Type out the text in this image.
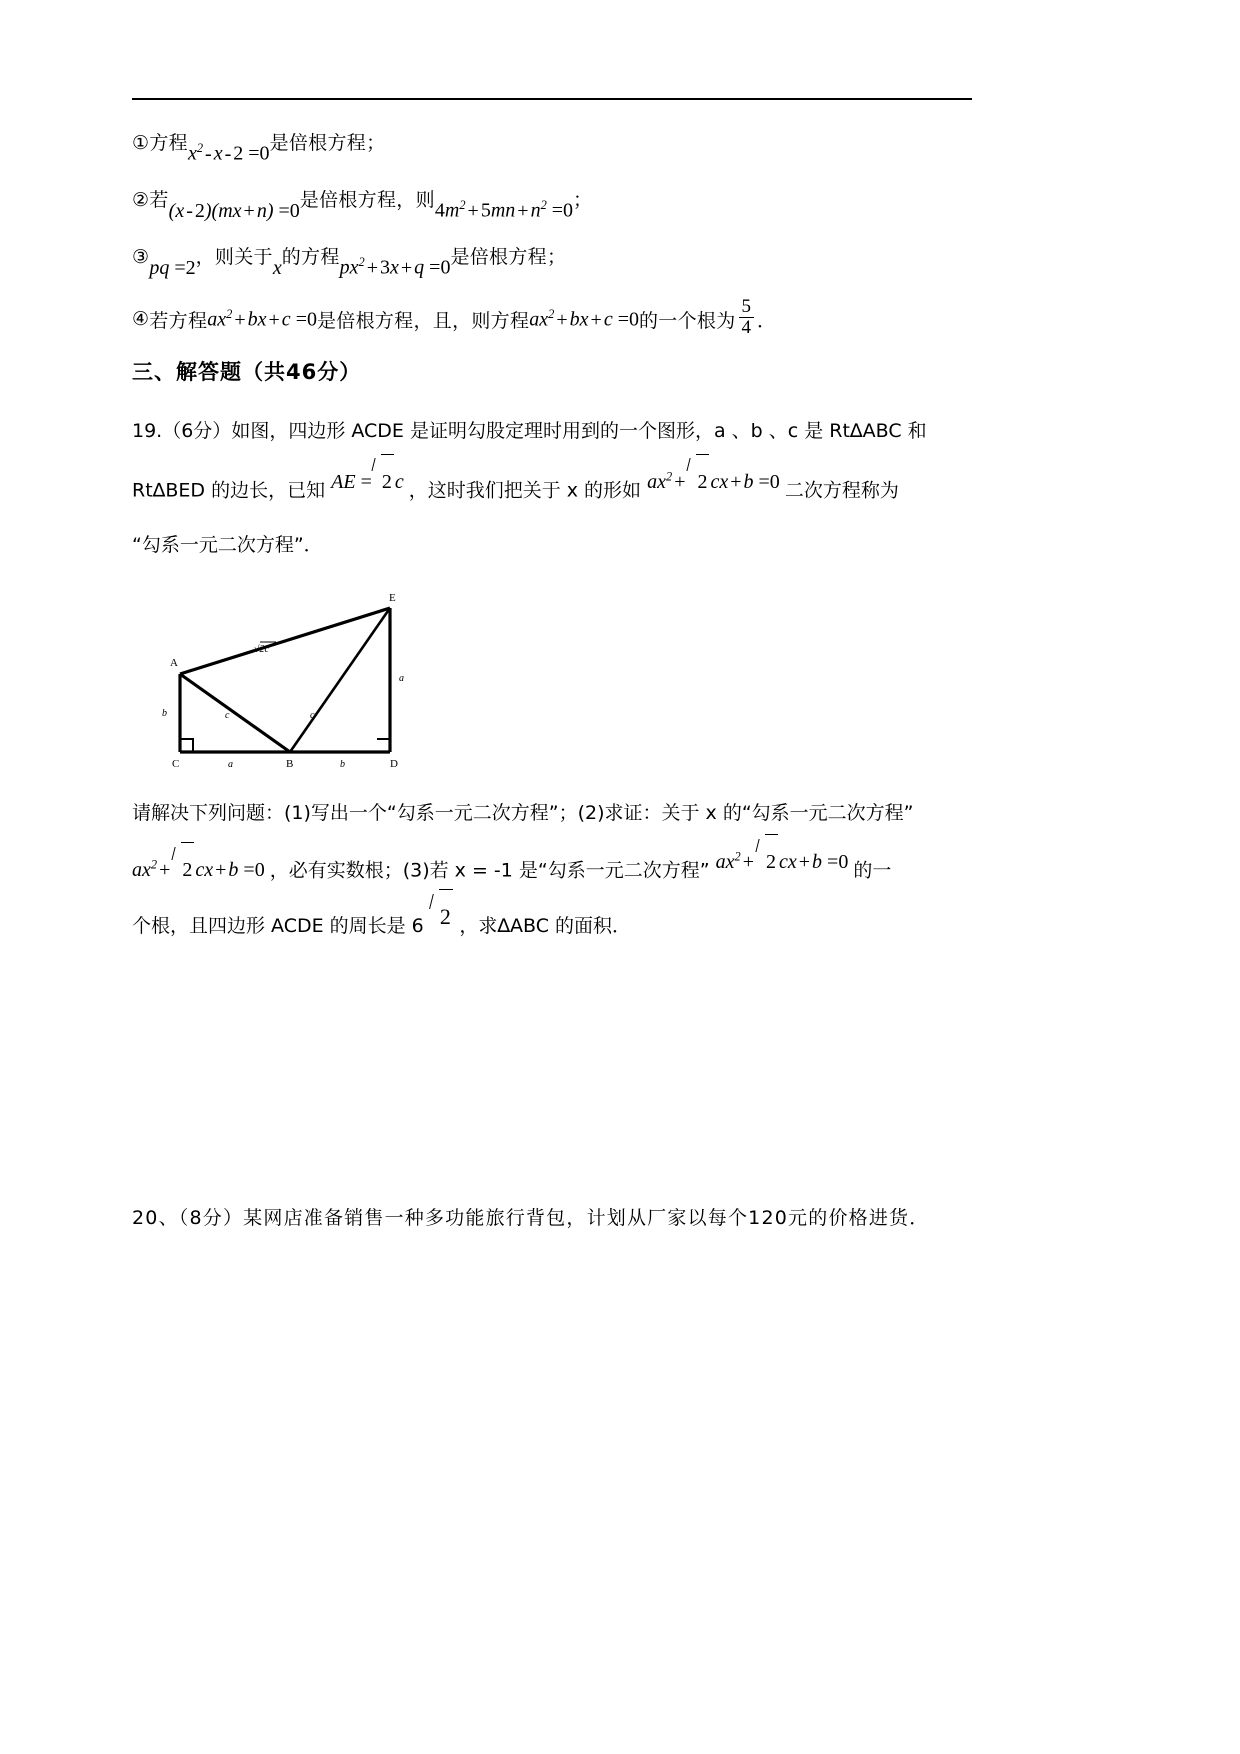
① 方程 $x^2 - x - 2 =0$ 是倍根方程；
② 若 (x - 2)(mx + n) =0 是倍根方程，则 $4m^2 + 5mn + n^2 =0$ ；
③ pq =2 ，则关于 x 的方程 $px^2 + 3x + q =0$ 是倍根方程；
④ 若方程 $ax^2$ + bx + c =0 是倍根方程，且，则方程 $ax^2$ + bx + c =0 的一个根为 $\frac{5}{4}$ ．
三、解答题（共46分）
19.（6分）如图，四边形 ACDE 是证明勾股定理时用到的一个图形，a 、b 、c 是 Rt∆ABC 和
Rt∆BED 的边长，已知 AE = 2 c ，这时我们把关于 x 的形如 $ax^2 + 2$ cx + b =0 二次方程称为
“勾系一元二次方程”．
A
C	B	D
E
√2c
b	c	c
a
a	b
请解决下列问题：(1)写出一个“勾系一元二次方程”；(2)求证：关于 x 的“勾系一元二次方程”
$ax^2 + 2$ cx + b =0 ，必有实数根；(3)若 x = -1 是“勾系一元二次方程” $ax^2 + 2$ cx + b =0 的一
个根，且四边形 ACDE 的周长是 6 2 ，求∆ABC 的面积．
20、（8分）某网店准备销售一种多功能旅行背包，计划从厂家以每个120元的价格进货．
